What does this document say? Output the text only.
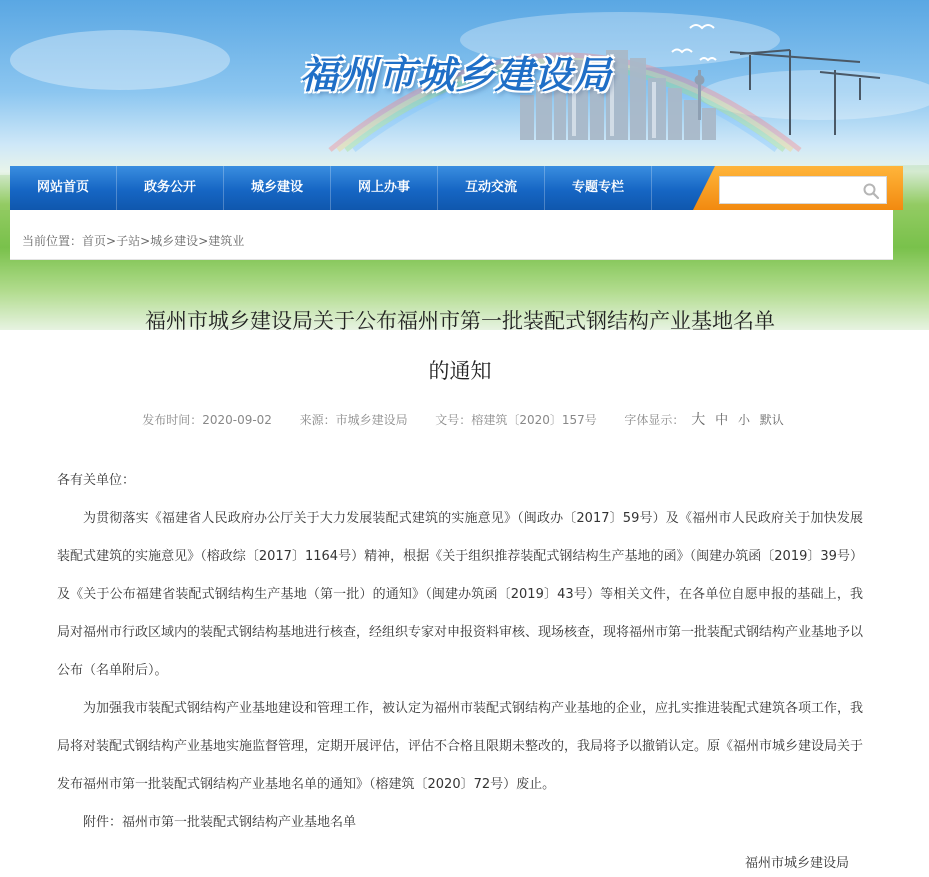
福州市城乡建设局
网站首页	政务公开	城乡建设	网上办事	互动交流	专题专栏
当前位置：首页>子站>城乡建设>建筑业
福州市城乡建设局关于公布福州市第一批装配式钢结构产业基地名单
的通知
发布时间：2020-09-02 来源：市城乡建设局 文号：榕建筑〔2020〕157号 字体显示： 大 中 小 默认

各有关单位：

为贯彻落实《福建省人民政府办公厅关于大力发展装配式建筑的实施意见》（闽政办〔2017〕59号）及《福州市人民政府关于加快发展装配式建筑的实施意见》（榕政综〔2017〕1164号）精神，根据《关于组织推荐装配式钢结构生产基地的函》（闽建办筑函〔2019〕39号）及《关于公布福建省装配式钢结构生产基地（第一批）的通知》（闽建办筑函〔2019〕43号）等相关文件，在各单位自愿申报的基础上，我局对福州市行政区域内的装配式钢结构基地进行核查，经组织专家对申报资料审核、现场核查，现将福州市第一批装配式钢结构产业基地予以公布（名单附后）。

为加强我市装配式钢结构产业基地建设和管理工作，被认定为福州市装配式钢结构产业基地的企业，应扎实推进装配式建筑各项工作，我局将对装配式钢结构产业基地实施监督管理，定期开展评估，评估不合格且限期未整改的，我局将予以撤销认定。原《福州市城乡建设局关于发布福州市第一批装配式钢结构产业基地名单的通知》（榕建筑〔2020〕72号）废止。

附件：福州市第一批装配式钢结构产业基地名单

福州市城乡建设局
